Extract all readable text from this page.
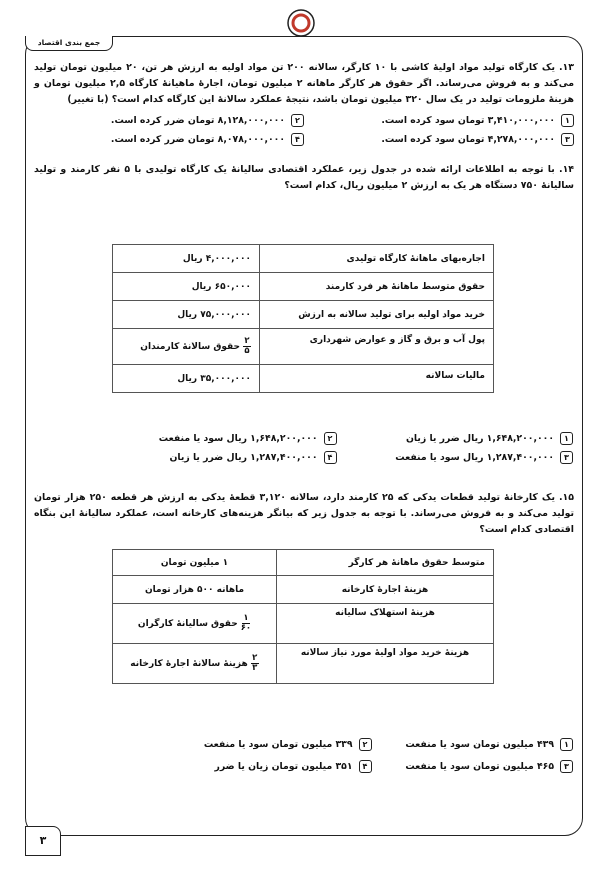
جمع بندی اقتصاد

۱۳. یک کارگاه تولید مواد اولیهٔ کاشی با ۱۰ کارگر، سالانه ۲۰۰ تن مواد اولیه به ارزش هر تن، ۲۰ میلیون تومان تولید می‌کند و به فروش می‌رساند. اگر حقوق هر کارگر ماهانه ۲ میلیون تومان، اجارهٔ ماهیانهٔ کارگاه ۲,۵ میلیون تومان و هزینهٔ ملزومات تولید در یک سال ۳۲۰ میلیون تومان باشد، نتیجهٔ عملکرد سالانهٔ این کارگاه کدام است؟ (با تغییر)

۱
۳,۴۱۰,۰۰۰,۰۰۰ تومان سود کرده است.
۲
۸,۱۲۸,۰۰۰,۰۰۰ تومان ضرر کرده است.
۳
۴,۲۷۸,۰۰۰,۰۰۰ تومان سود کرده است.
۴
۸,۰۷۸,۰۰۰,۰۰۰ تومان ضرر کرده است.

۱۴. با توجه به اطلاعات ارائه شده در جدول زیر، عملکرد اقتصادی سالیانهٔ یک کارگاه تولیدی با ۵ نفر کارمند و تولید سالیانهٔ ۷۵۰ دستگاه هر یک به ارزش ۲ میلیون ریال، کدام است؟

اجاره‌بهای ماهانهٔ کارگاه تولیدی	۴,۰۰۰,۰۰۰ ریال
حقوق متوسط ماهانهٔ هر فرد کارمند	۶۵۰,۰۰۰ ریال
خرید مواد اولیه برای تولید سالانه به ارزش	۷۵,۰۰۰,۰۰۰ ریال
پول آب و برق و گاز و عوارض شهرداری	$\frac{۲}{۵}$
حقوق سالانهٔ کارمندان
مالیات سالانه	۳۵,۰۰۰,۰۰۰ ریال
۱
۱,۶۴۸,۲۰۰,۰۰۰ ریال ضرر یا زیان
۲
۱,۶۴۸,۲۰۰,۰۰۰ ریال سود یا منفعت
۳
۱,۲۸۷,۴۰۰,۰۰۰ ریال سود یا منفعت
۴
۱,۲۸۷,۴۰۰,۰۰۰ ریال ضرر یا زیان

۱۵. یک کارخانهٔ تولید قطعات یدکی که ۲۵ کارمند دارد، سالانه ۳,۱۲۰ قطعهٔ یدکی به ارزش هر قطعه ۲۵۰ هزار تومان تولید می‌کند و به فروش می‌رساند. با توجه به جدول زیر که بیانگر هزینه‌های کارخانه است، عملکرد سالیانهٔ این بنگاه اقتصادی کدام است؟

متوسط حقوق ماهانهٔ هر کارگر	۱ میلیون تومان
هزینهٔ اجارهٔ کارخانه	ماهانه ۵۰۰ هزار تومان
هزینهٔ استهلاک سالیانه	$\frac{۱}{۶۰}$
حقوق سالیانهٔ کارگران
هزینهٔ خرید مواد اولیهٔ مورد نیاز سالانه	$\frac{۲}{۳}$
هزینهٔ سالانهٔ اجارهٔ کارخانه
۱
۴۳۹ میلیون تومان سود یا منفعت
۲
۳۳۹ میلیون تومان سود یا منفعت
۳
۴۶۵ میلیون تومان سود یا منفعت
۴
۳۵۱ میلیون تومان زیان یا ضرر
۳
